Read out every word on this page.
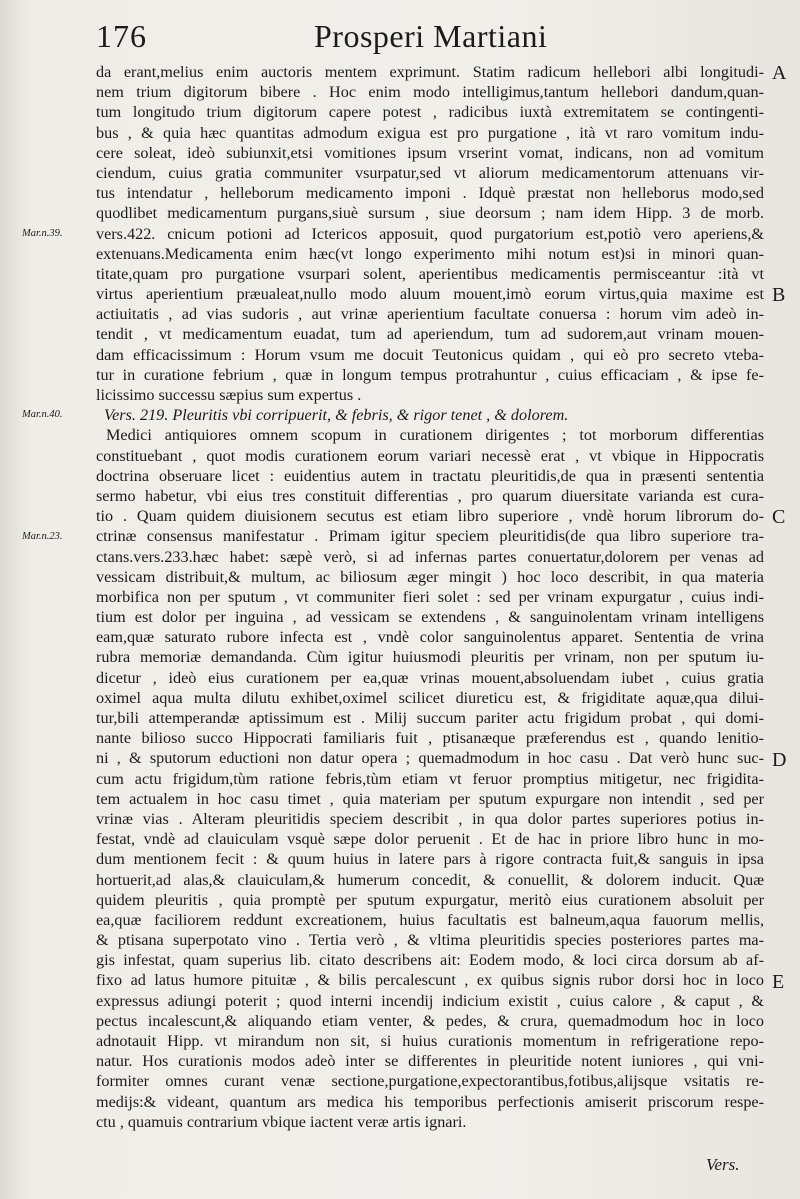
176	Prosperi Martiani
Mar.n.39.
Mar.n.40.
Mar.n.23.
da erant,melius enim auctoris mentem exprimunt. Statim radicum hellebori albi longitudi-
nem trium digitorum bibere . Hoc enim modo intelligimus,tantum hellebori dandum,quan-
tum longitudo trium digitorum capere potest , radicibus iuxtà extremitatem se contingenti-
bus , & quia hæc quantitas admodum exigua est pro purgatione , ità vt raro vomitum indu-
cere soleat, ideò subiunxit,etsi vomitiones ipsum vrserint vomat, indicans, non ad vomitum
ciendum, cuius gratia communiter vsurpatur,sed vt aliorum medicamentorum attenuans vir-
tus intendatur , helleborum medicamento imponi . Idquè præstat non helleborus modo,sed
quodlibet medicamentum purgans,siuè sursum , siue deorsum ; nam idem Hipp. 3 de morb.
vers.422. cnicum potioni ad Ictericos apposuit, quod purgatorium est,potiò vero aperiens,&
extenuans.Medicamenta enim hæc(vt longo experimento mihi notum est)si in minori quan-
titate,quam pro purgatione vsurpari solent, aperientibus medicamentis permisceantur :ità vt
virtus aperientium præualeat,nullo modo aluum mouent,imò eorum virtus,quia maxime est
actiuitatis , ad vias sudoris , aut vrinæ aperientium facultate conuersa : horum vim adeò in-
tendit , vt medicamentum euadat, tum ad aperiendum, tum ad sudorem,aut vrinam mouen-
dam efficacissimum : Horum vsum me docuit Teutonicus quidam , qui eò pro secreto vteba-
tur in curatione febrium , quæ in longum tempus protrahuntur , cuius efficaciam , & ipse fe-
licissimo successu sæpius sum expertus .
Vers. 219. Pleuritis vbi corripuerit, & febris, & rigor tenet , & dolorem.
Medici antiquiores omnem scopum in curationem dirigentes ; tot morborum differentias
constituebant , quot modis curationem eorum variari necessè erat , vt vbique in Hippocratis
doctrina obseruare licet : euidentius autem in tractatu pleuritidis,de qua in præsenti sententia
sermo habetur, vbi eius tres constituit differentias , pro quarum diuersitate varianda est cura-
tio . Quam quidem diuisionem secutus est etiam libro superiore , vndè horum librorum do-
ctrinæ consensus manifestatur . Primam igitur speciem pleuritidis(de qua libro superiore tra-
ctans.vers.233.hæc habet: sæpè verò, si ad infernas partes conuertatur,dolorem per venas ad
vessicam distribuit,& multum, ac biliosum æger mingit ) hoc loco describit, in qua materia
morbifica non per sputum , vt communiter fieri solet : sed per vrinam expurgatur , cuius indi-
tium est dolor per inguina , ad vessicam se extendens , & sanguinolentam vrinam intelligens
eam,quæ saturato rubore infecta est , vndè color sanguinolentus apparet. Sententia de vrina
rubra memoriæ demandanda. Cùm igitur huiusmodi pleuritis per vrinam, non per sputum iu-
dicetur , ideò eius curationem per ea,quæ vrinas mouent,absoluendam iubet , cuius gratia
oximel aqua multa dilutu exhibet,oximel scilicet diureticu est, & frigiditate aquæ,qua dilui-
tur,bili attemperandæ aptissimum est . Milij succum pariter actu frigidum probat , qui domi-
nante bilioso succo Hippocrati familiaris fuit , ptisanæque præferendus est , quando lenitio-
ni , & sputorum eductioni non datur opera ; quemadmodum in hoc casu . Dat verò hunc suc-
cum actu frigidum,tùm ratione febris,tùm etiam vt feruor promptius mitigetur, nec frigidita-
tem actualem in hoc casu timet , quia materiam per sputum expurgare non intendit , sed per
vrinæ vias . Alteram pleuritidis speciem describit , in qua dolor partes superiores potius in-
festat, vndè ad clauiculam vsquè sæpe dolor peruenit . Et de hac in priore libro hunc in mo-
dum mentionem fecit : & quum huius in latere pars à rigore contracta fuit,& sanguis in ipsa
hortuerit,ad alas,& clauiculam,& humerum concedit, & conuellit, & dolorem inducit. Quæ
quidem pleuritis , quia promptè per sputum expurgatur, meritò eius curationem absoluit per
ea,quæ faciliorem reddunt excreationem, huius facultatis est balneum,aqua fauorum mellis,
& ptisana superpotato vino . Tertia verò , & vltima pleuritidis species posteriores partes ma-
gis infestat, quam superius lib. citato describens ait: Eodem modo, & loci circa dorsum ab af-
fixo ad latus humore pituitæ , & bilis percalescunt , ex quibus signis rubor dorsi hoc in loco
expressus adiungi poterit ; quod interni incendij indicium existit , cuius calore , & caput , &
pectus incalescunt,& aliquando etiam venter, & pedes, & crura, quemadmodum hoc in loco
adnotauit Hipp. vt mirandum non sit, si huius curationis momentum in refrigeratione repo-
natur. Hos curationis modos adeò inter se differentes in pleuritide notent iuniores , qui vni-
formiter omnes curant venæ sectione,purgatione,expectorantibus,fotibus,alijsque vsitatis re-
medijs:& videant, quantum ars medica his temporibus perfectionis amiserit priscorum respe-
ctu , quamuis contrarium vbique iactent veræ artis ignari.
A
B
C
D
E
Vers.
